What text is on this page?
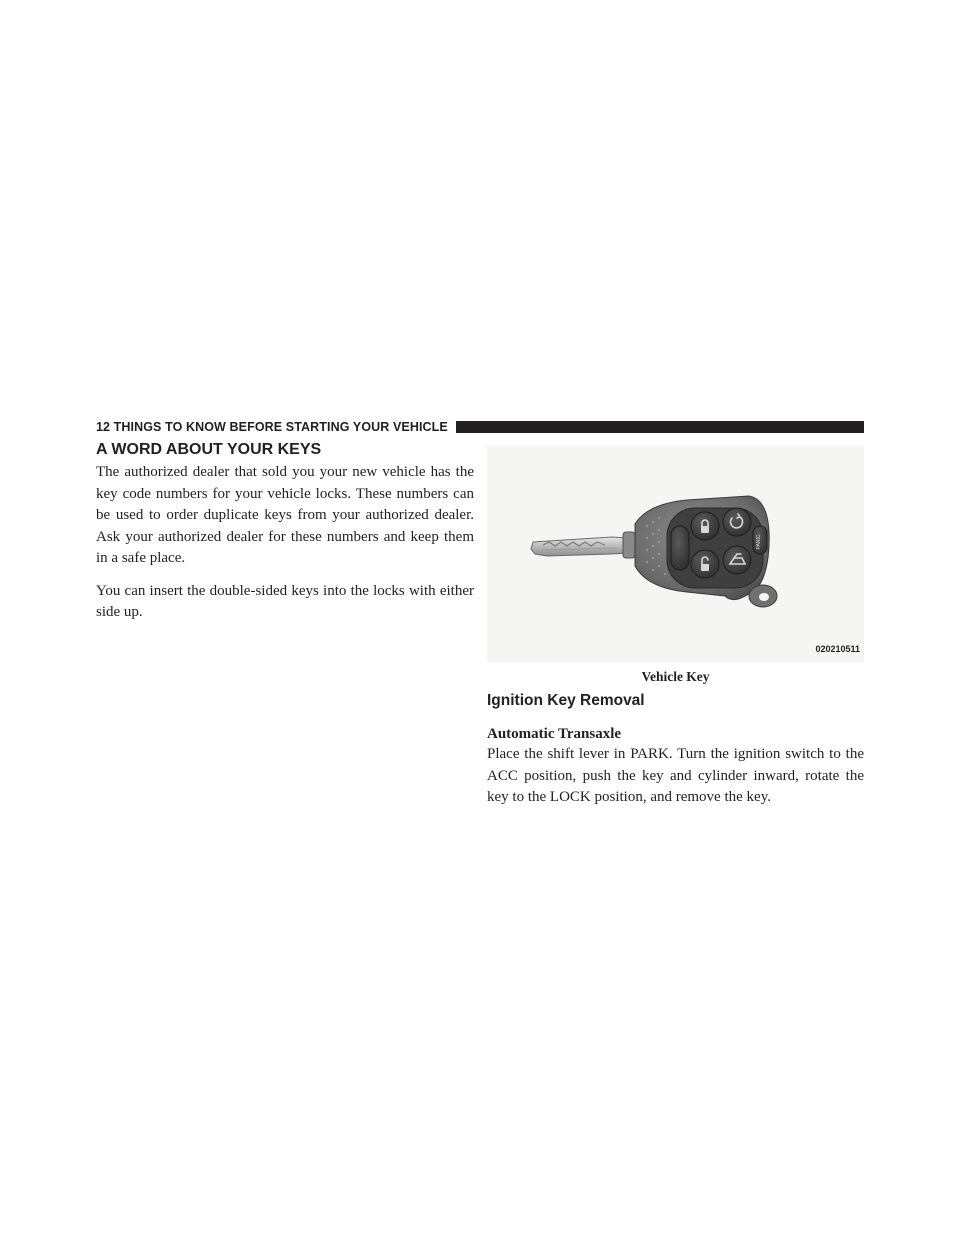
12 THINGS TO KNOW BEFORE STARTING YOUR VEHICLE
A WORD ABOUT YOUR KEYS

The authorized dealer that sold you your new vehicle has the key code numbers for your vehicle locks. These numbers can be used to order duplicate keys from your authorized dealer. Ask your authorized dealer for these numbers and keep them in a safe place.

You can insert the double-sided keys into the locks with either side up.

PANIC
020210511
Vehicle Key
Ignition Key Removal
Automatic Transaxle

Place the shift lever in PARK. Turn the ignition switch to the ACC position, push the key and cylinder inward, rotate the key to the LOCK position, and remove the key.
